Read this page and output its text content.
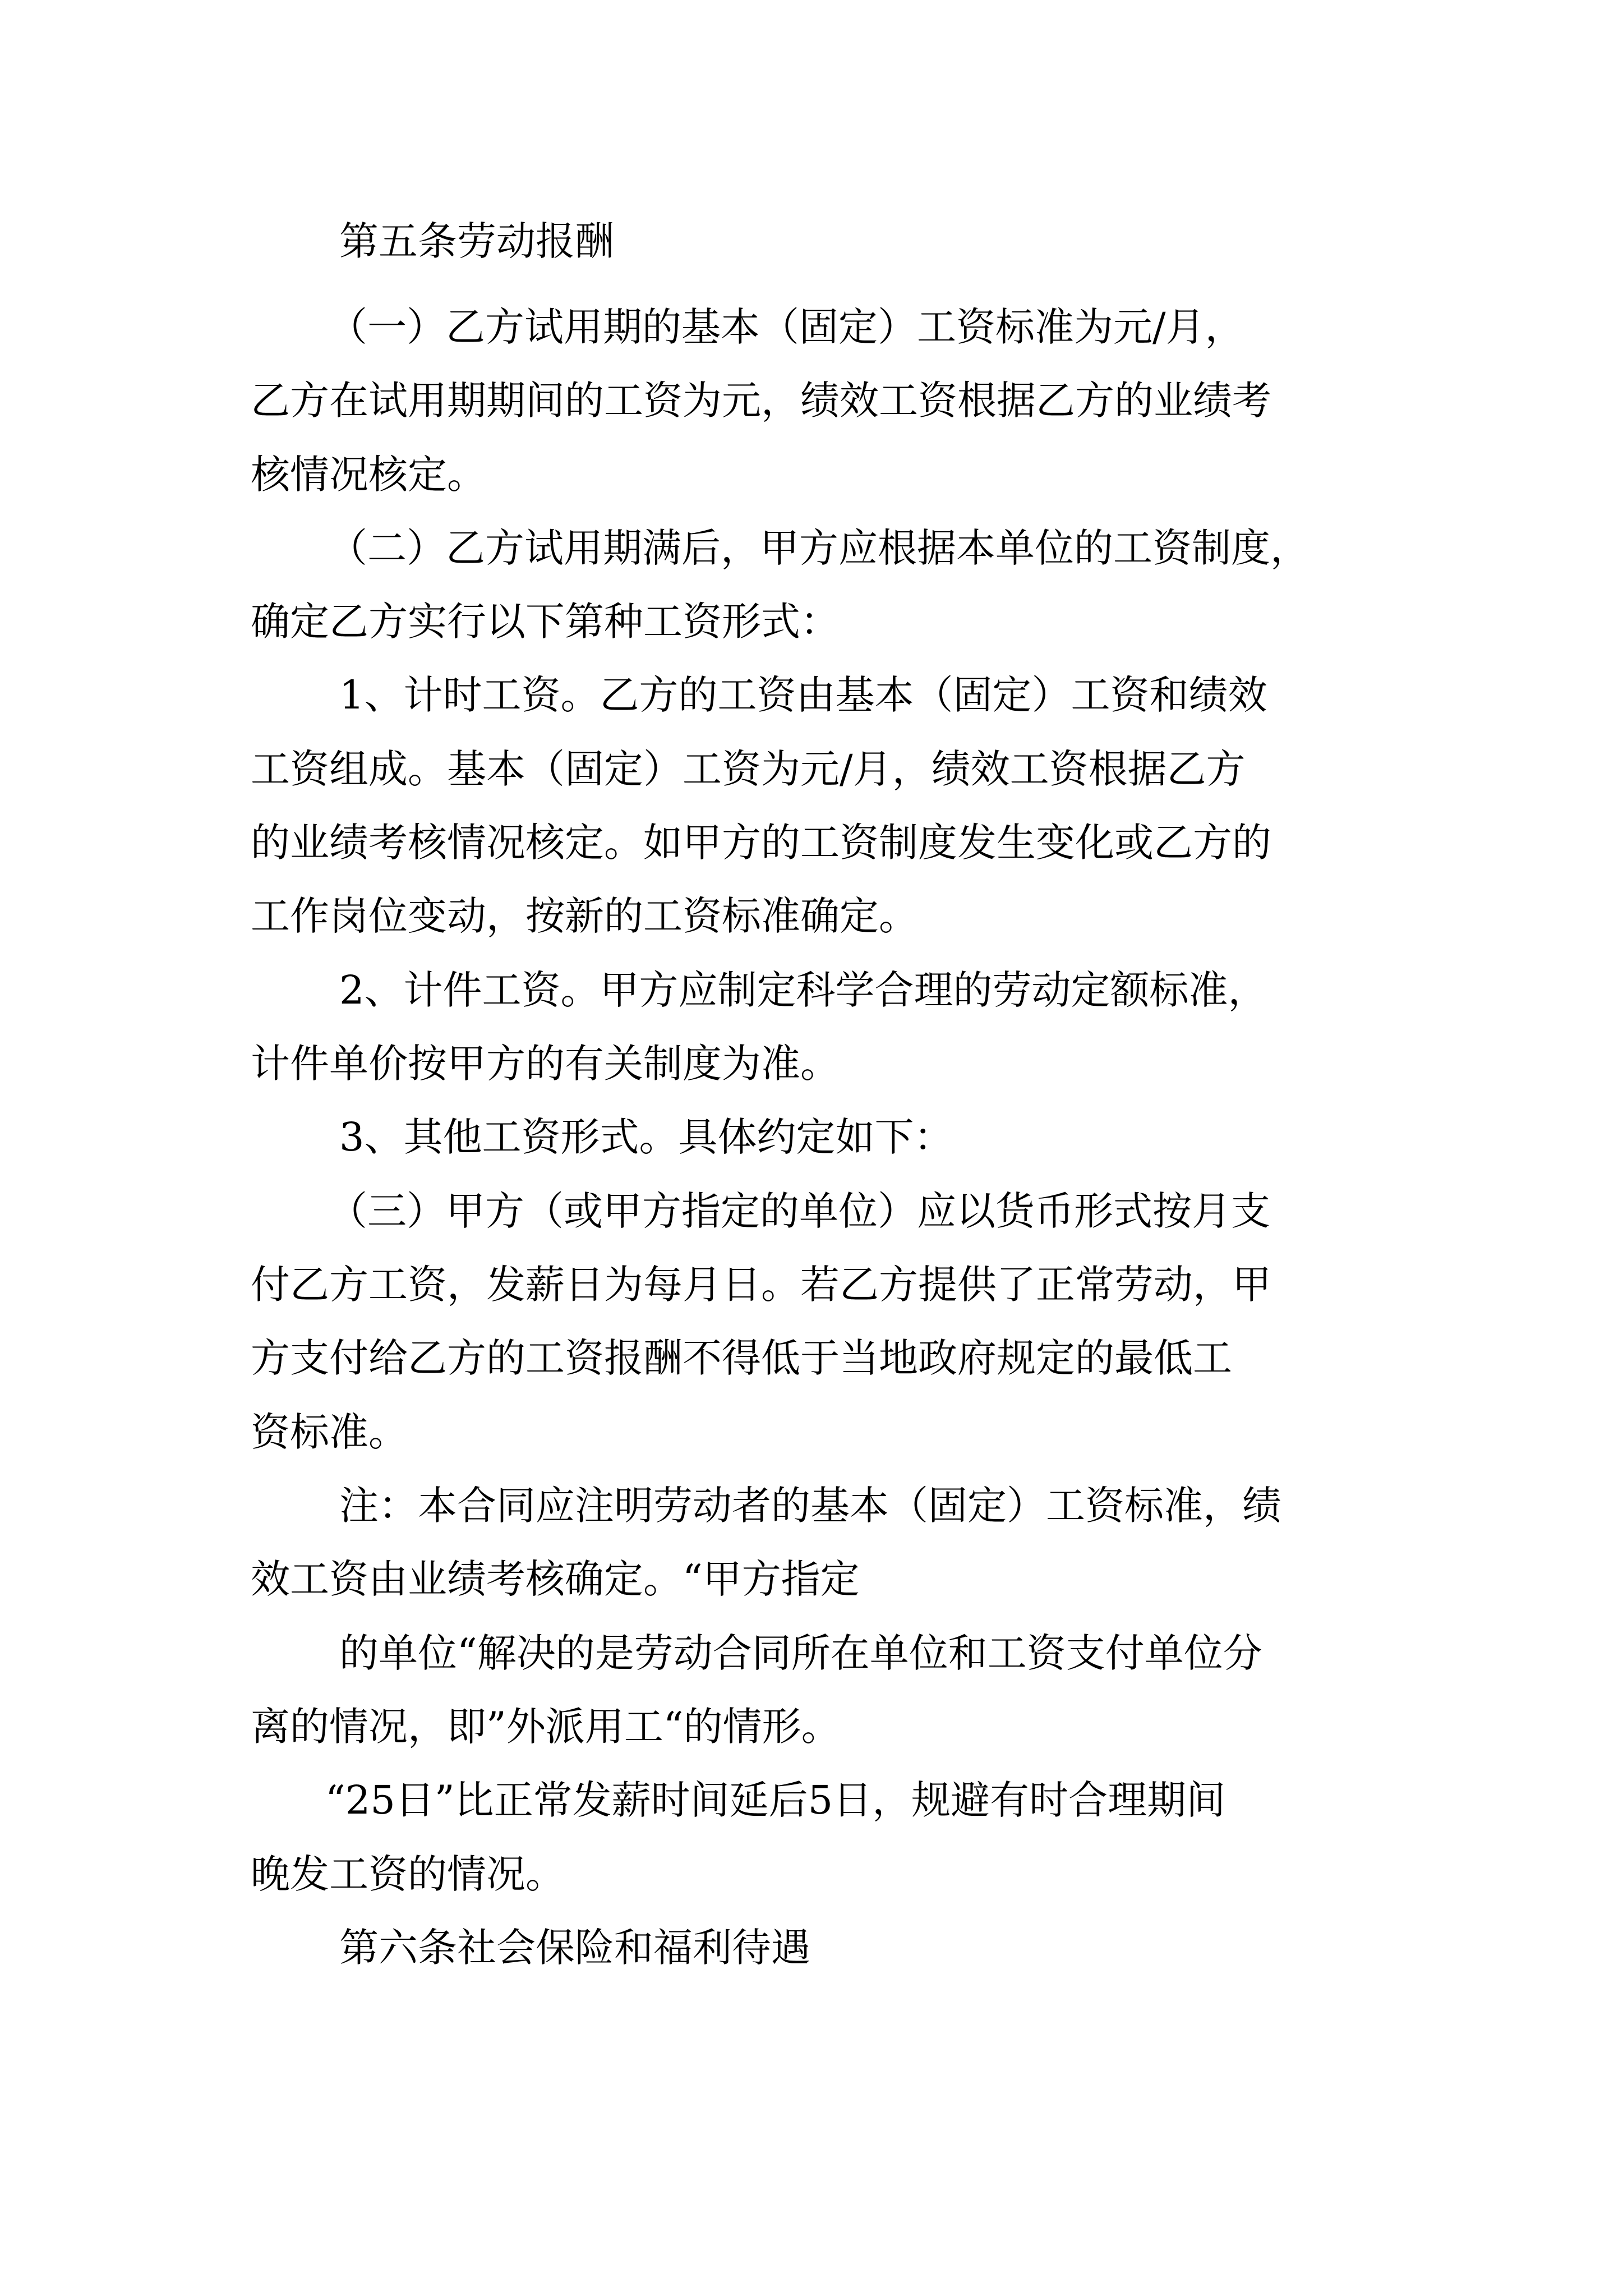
第五条劳动报酬

（一）乙方试用期的基本（固定）工资标准为元/月，

乙方在试用期期间的工资为元，绩效工资根据乙方的业绩考

核情况核定。

（二）乙方试用期满后，甲方应根据本单位的工资制度，

确定乙方实行以下第种工资形式：

1、计时工资。乙方的工资由基本（固定）工资和绩效

工资组成。基本（固定）工资为元/月，绩效工资根据乙方

的业绩考核情况核定。如甲方的工资制度发生变化或乙方的

工作岗位变动，按新的工资标准确定。

2、计件工资。甲方应制定科学合理的劳动定额标准，

计件单价按甲方的有关制度为准。

3、其他工资形式。具体约定如下：

（三）甲方（或甲方指定的单位）应以货币形式按月支

付乙方工资，发薪日为每月日。若乙方提供了正常劳动，甲

方支付给乙方的工资报酬不得低于当地政府规定的最低工

资标准。

注：本合同应注明劳动者的基本（固定）工资标准，绩

效工资由业绩考核确定。“甲方指定

的单位“解决的是劳动合同所在单位和工资支付单位分

离的情况，即”外派用工“的情形。

“25日”比正常发薪时间延后5日，规避有时合理期间

晚发工资的情况。

第六条社会保险和福利待遇
